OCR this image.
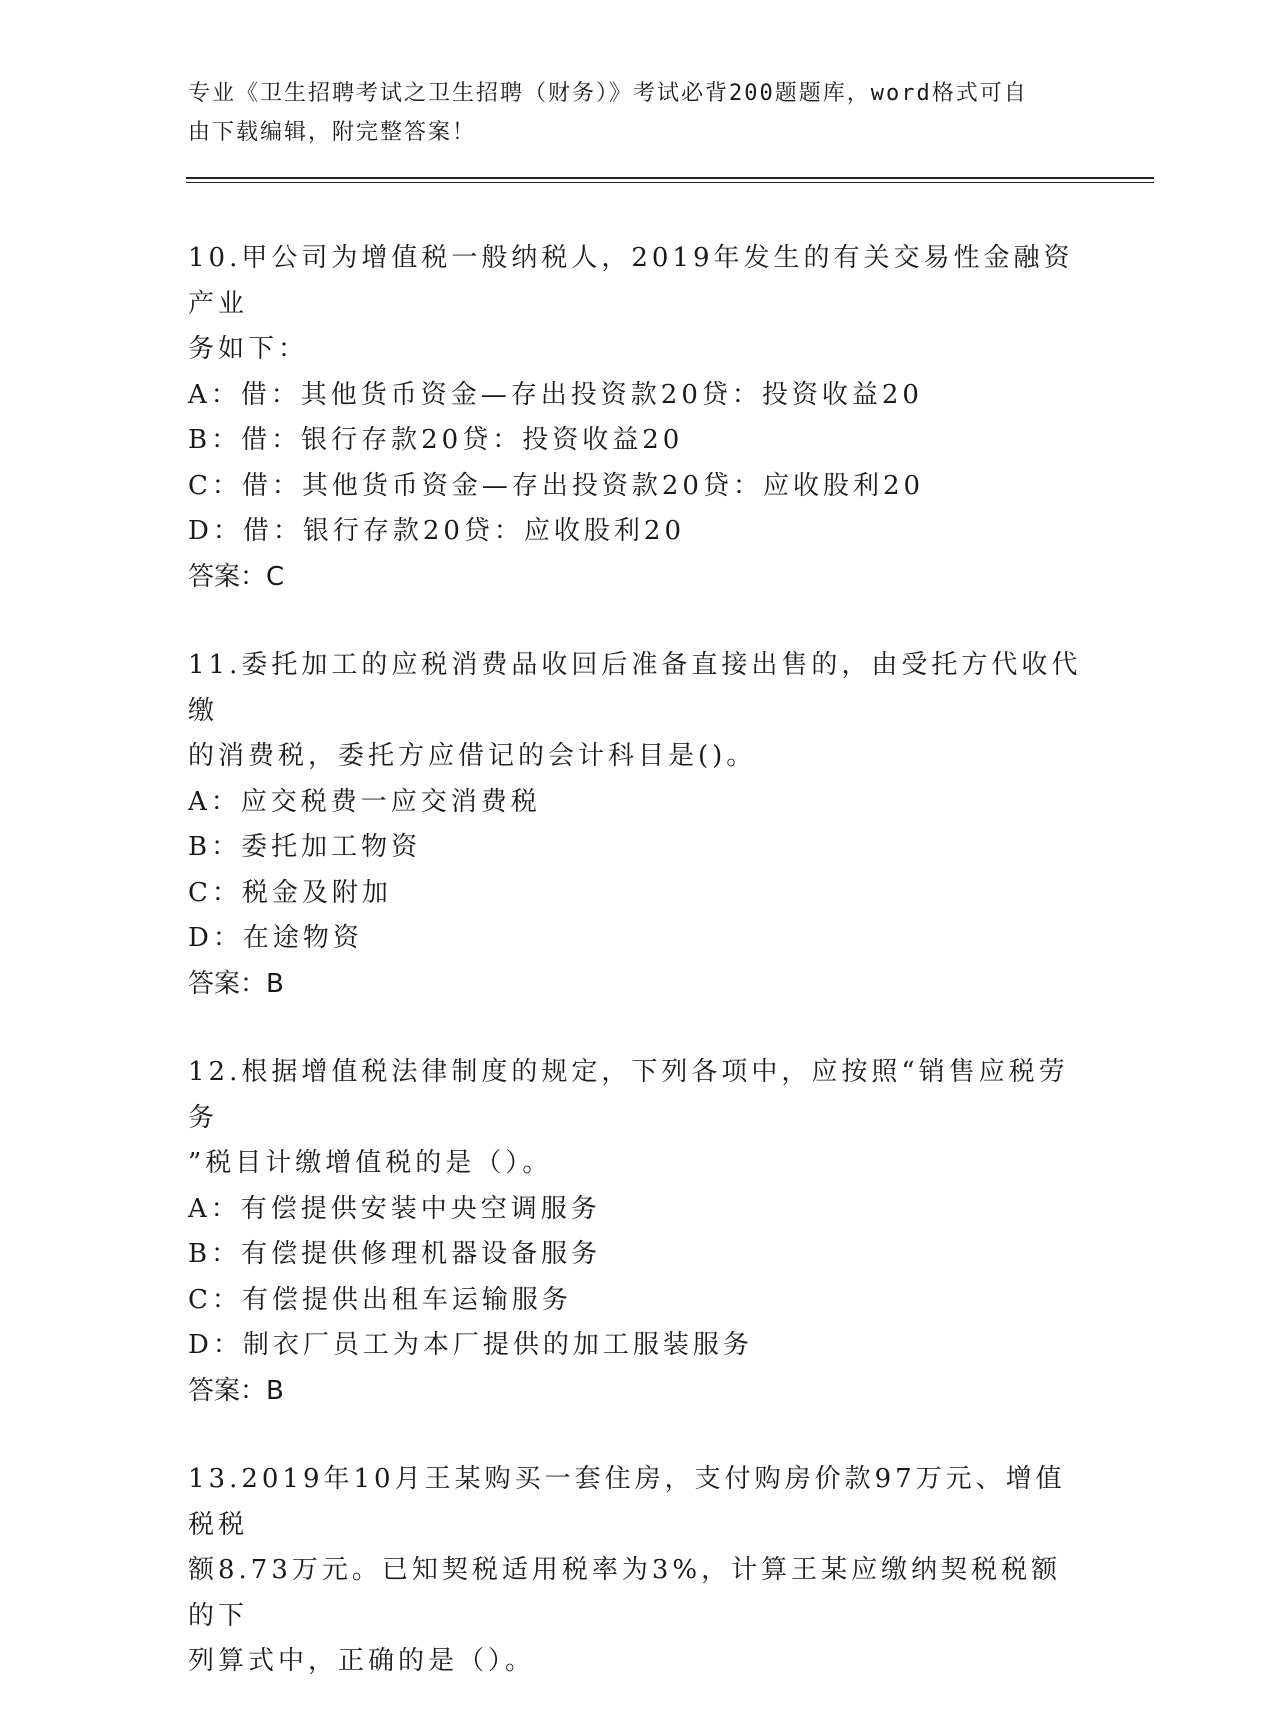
专业《卫生招聘考试之卫生招聘（财务）》考试必背200题题库，word格式可自
由下载编辑，附完整答案！

10.甲公司为增值税一般纳税人，2019年发生的有关交易性金融资产业

务如下：

A：借：其他货币资金—存出投资款20贷：投资收益20

B：借：银行存款20贷：投资收益20

C：借：其他货币资金—存出投资款20贷：应收股利20

D：借：银行存款20贷：应收股利20

答案：C

11.委托加工的应税消费品收回后准备直接出售的，由受托方代收代缴

的消费税，委托方应借记的会计科目是()。

A：应交税费一应交消费税

B：委托加工物资

C：税金及附加

D：在途物资

答案：B

12.根据增值税法律制度的规定，下列各项中，应按照“销售应税劳务

”税目计缴增值税的是（）。

A：有偿提供安装中央空调服务

B：有偿提供修理机器设备服务

C：有偿提供出租车运输服务

D：制衣厂员工为本厂提供的加工服装服务

答案：B

13.2019年10月王某购买一套住房，支付购房价款97万元、增值税税

额8.73万元。已知契税适用税率为3%，计算王某应缴纳契税税额的下

列算式中，正确的是（）。
